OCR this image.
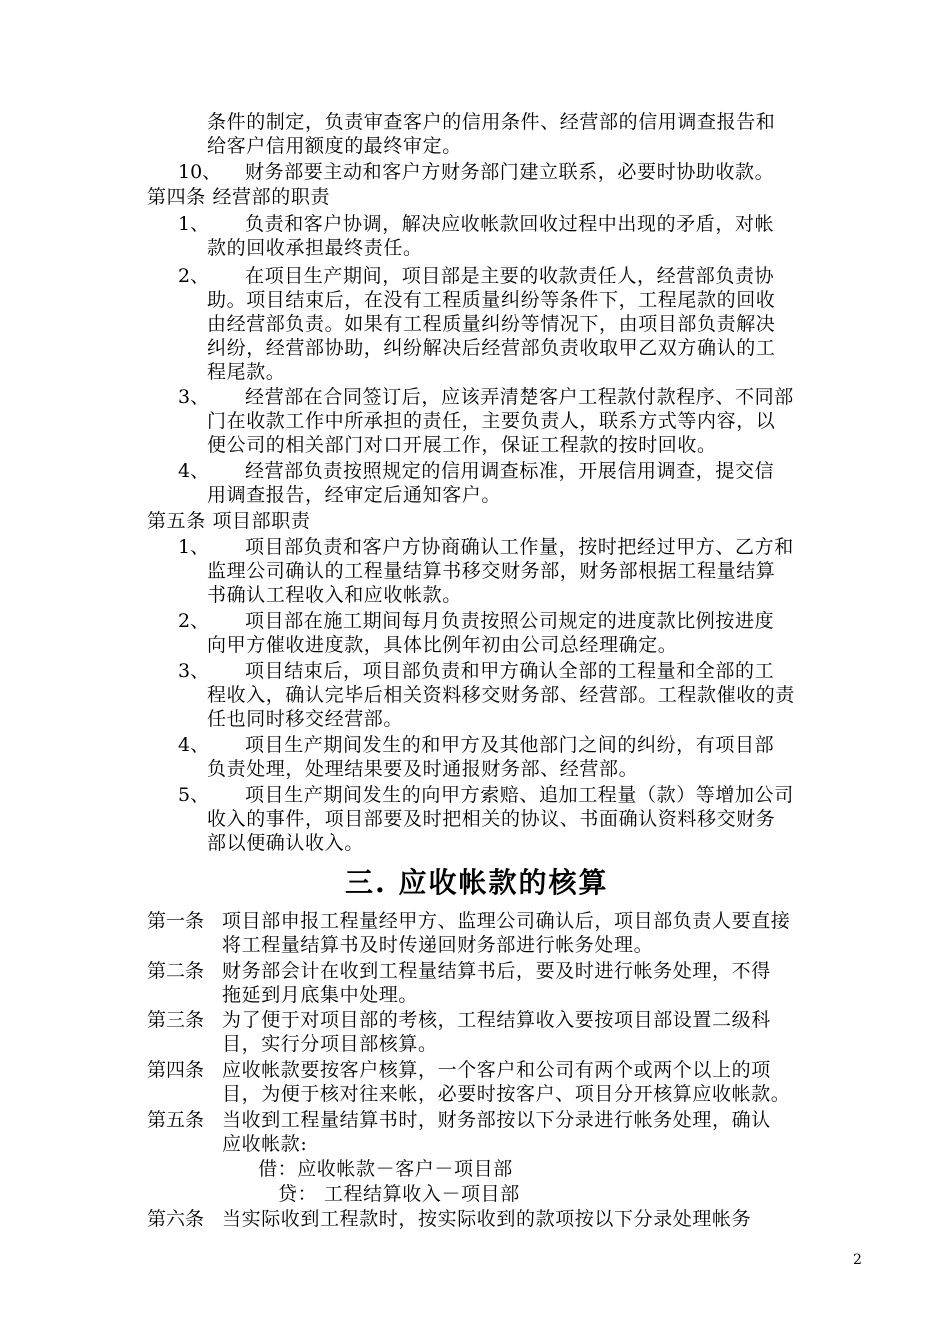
条件的制定，负责审查客户的信用条件、经营部的信用调查报告和
给客户信用额度的最终审定。
10、 财务部要主动和客户方财务部门建立联系，必要时协助收款。
第四条 经营部的职责
1、 负责和客户协调，解决应收帐款回收过程中出现的矛盾，对帐
款的回收承担最终责任。
2、 在项目生产期间，项目部是主要的收款责任人，经营部负责协
助。项目结束后，在没有工程质量纠纷等条件下，工程尾款的回收
由经营部负责。如果有工程质量纠纷等情况下，由项目部负责解决
纠纷，经营部协助，纠纷解决后经营部负责收取甲乙双方确认的工
程尾款。
3、 经营部在合同签订后，应该弄清楚客户工程款付款程序、不同部
门在收款工作中所承担的责任，主要负责人，联系方式等内容，以
便公司的相关部门对口开展工作，保证工程款的按时回收。
4、 经营部负责按照规定的信用调查标准，开展信用调查，提交信
用调查报告，经审定后通知客户。
第五条 项目部职责
1、 项目部负责和客户方协商确认工作量，按时把经过甲方、乙方和
监理公司确认的工程量结算书移交财务部，财务部根据工程量结算
书确认工程收入和应收帐款。
2、 项目部在施工期间每月负责按照公司规定的进度款比例按进度
向甲方催收进度款，具体比例年初由公司总经理确定。
3、 项目结束后，项目部负责和甲方确认全部的工程量和全部的工
程收入，确认完毕后相关资料移交财务部、经营部。工程款催收的责
任也同时移交经营部。
4、 项目生产期间发生的和甲方及其他部门之间的纠纷，有项目部
负责处理，处理结果要及时通报财务部、经营部。
5、 项目生产期间发生的向甲方索赔、追加工程量（款）等增加公司
收入的事件，项目部要及时把相关的协议、书面确认资料移交财务
部以便确认收入。
三. 应收帐款的核算
第一条 项目部申报工程量经甲方、监理公司确认后，项目部负责人要直接
将工程量结算书及时传递回财务部进行帐务处理。
第二条 财务部会计在收到工程量结算书后，要及时进行帐务处理，不得
拖延到月底集中处理。
第三条 为了便于对项目部的考核，工程结算收入要按项目部设置二级科
目，实行分项目部核算。
第四条 应收帐款要按客户核算，一个客户和公司有两个或两个以上的项
目，为便于核对往来帐，必要时按客户、项目分开核算应收帐款。
第五条 当收到工程量结算书时，财务部按以下分录进行帐务处理，确认
应收帐款:
借：应收帐款－客户－项目部
贷： 工程结算收入－项目部
第六条 当实际收到工程款时，按实际收到的款项按以下分录处理帐务
2
